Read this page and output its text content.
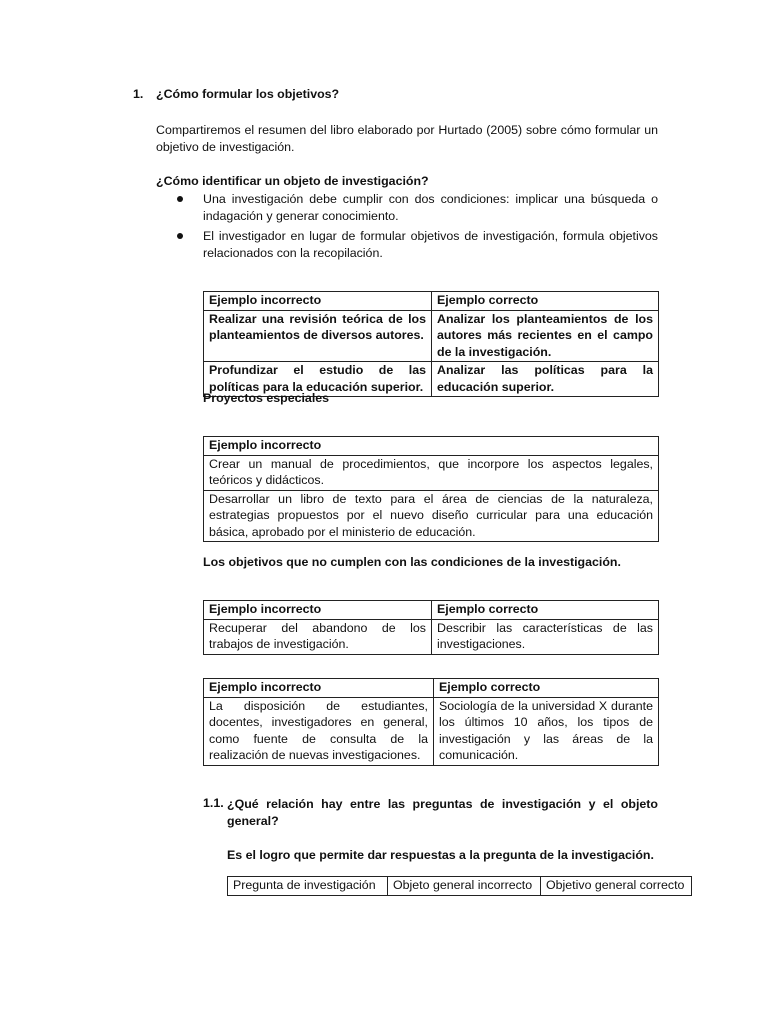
1. ¿Cómo formular los objetivos?

Compartiremos el resumen del libro elaborado por Hurtado (2005) sobre cómo formular un objetivo de investigación.

¿Cómo identificar un objeto de investigación?

Una investigación debe cumplir con dos condiciones: implicar una búsqueda o indagación y generar conocimiento.

El investigador en lugar de formular objetivos de investigación, formula objetivos relacionados con la recopilación.

Ejemplo incorrecto	Ejemplo correcto
Realizar una revisión teórica de los planteamientos de diversos autores.	Analizar los planteamientos de los autores más recientes en el campo de la investigación.
Profundizar el estudio de las políticas para la educación superior.	Analizar las políticas para la educación superior.
Proyectos especiales
Ejemplo incorrecto
Crear un manual de procedimientos, que incorpore los aspectos legales, teóricos y didácticos.
Desarrollar un libro de texto para el área de ciencias de la naturaleza, estrategias propuestos por el nuevo diseño curricular para una educación básica, aprobado por el ministerio de educación.
Los objetivos que no cumplen con las condiciones de la investigación.
Ejemplo incorrecto	Ejemplo correcto
Recuperar del abandono de los trabajos de investigación.	Describir las características de las investigaciones.
Ejemplo incorrecto	Ejemplo correcto
La disposición de estudiantes, docentes, investigadores en general, como fuente de consulta de la realización de nuevas investigaciones.	Sociología de la universidad X durante los últimos 10 años, los tipos de investigación y las áreas de la comunicación.
1.1. ¿Qué relación hay entre las preguntas de investigación y el objeto general?

Es el logro que permite dar respuestas a la pregunta de la investigación.
Pregunta de investigación	Objeto general incorrecto	Objetivo general correcto
